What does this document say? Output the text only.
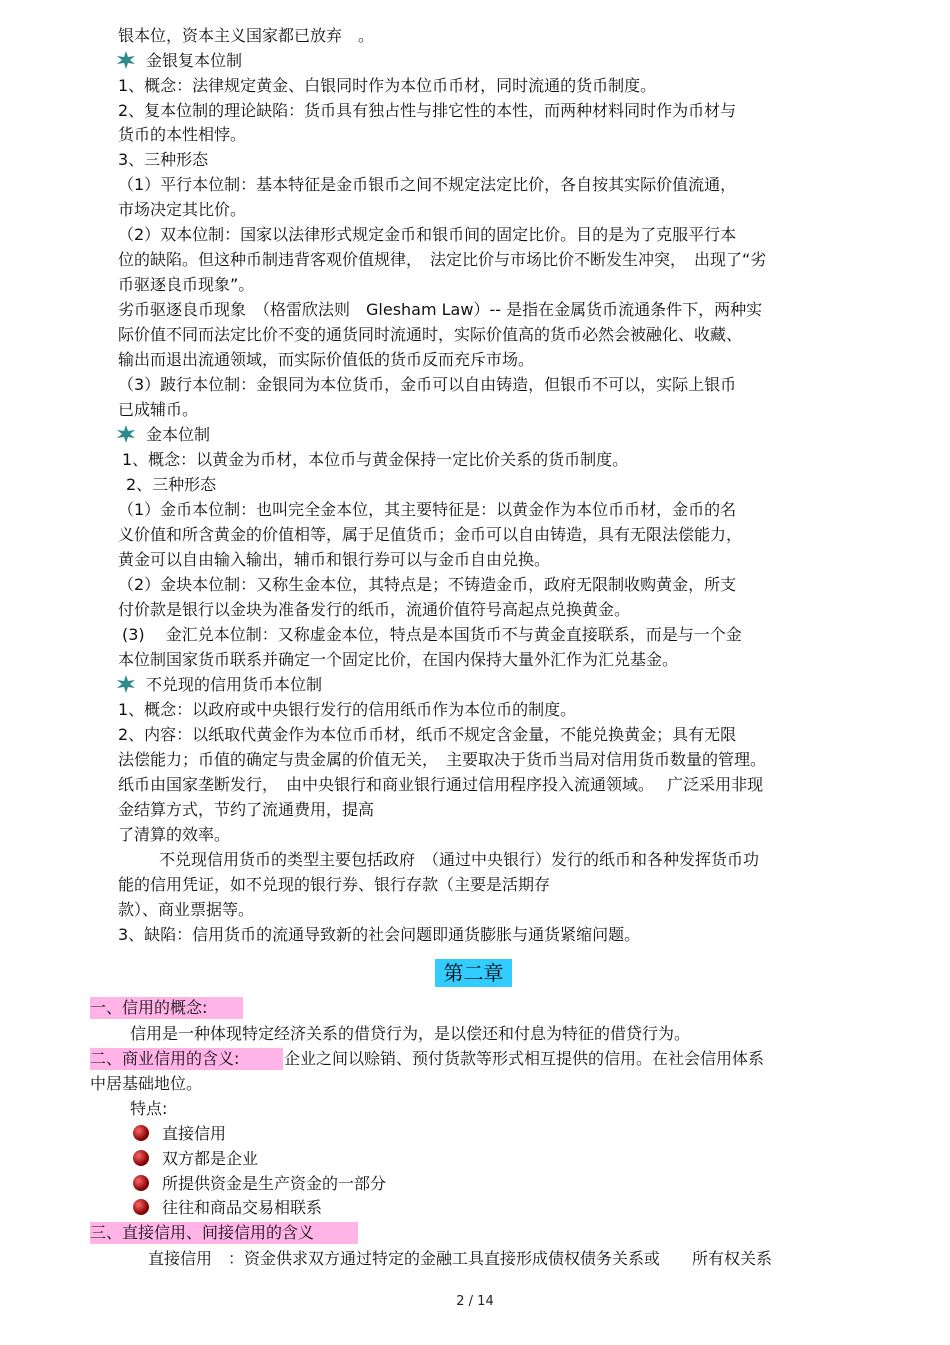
银本位，资本主义国家都已放弃　。
金银复本位制
1、概念：法律规定黄金、白银同时作为本位币币材，同时流通的货币制度。
2、复本位制的理论缺陷：货币具有独占性与排它性的本性，而两种材料同时作为币材与
货币的本性相悖。
3、三种形态
（1）平行本位制：基本特征是金币银币之间不规定法定比价，各自按其实际价值流通，
市场决定其比价。
（2）双本位制：国家以法律形式规定金币和银币间的固定比价。目的是为了克服平行本
位的缺陷。但这种币制违背客观价值规律，　法定比价与市场比价不断发生冲突，　出现了“劣
币驱逐良币现象”。
劣币驱逐良币现象　（格雷欣法则　Glesham Law）-- 是指在金属货币流通条件下，两种实
际价值不同而法定比价不变的通货同时流通时，实际价值高的货币必然会被融化、收藏、
输出而退出流通领域，而实际价值低的货币反而充斥市场。
（3）跛行本位制：金银同为本位货币，金币可以自由铸造，但银币不可以，实际上银币
已成辅币。
金本位制
1、概念：以黄金为币材，本位币与黄金保持一定比价关系的货币制度。
2、三种形态
（1）金币本位制：也叫完全金本位，其主要特征是：以黄金作为本位币币材，金币的名
义价值和所含黄金的价值相等，属于足值货币；金币可以自由铸造，具有无限法偿能力，
黄金可以自由输入输出，辅币和银行券可以与金币自由兑换。
（2）金块本位制：又称生金本位，其特点是；不铸造金币，政府无限制收购黄金，所支
付价款是银行以金块为准备发行的纸币，流通价值符号高起点兑换黄金。
(3)　 金汇兑本位制：又称虚金本位，特点是本国货币不与黄金直接联系，而是与一个金
本位制国家货币联系并确定一个固定比价，在国内保持大量外汇作为汇兑基金。
不兑现的信用货币本位制
1、概念：以政府或中央银行发行的信用纸币作为本位币的制度。
2、内容：以纸取代黄金作为本位币币材，纸币不规定含金量，不能兑换黄金；具有无限
法偿能力；币值的确定与贵金属的价值无关，　主要取决于货币当局对信用货币数量的管理。
纸币由国家垄断发行，　由中央银行和商业银行通过信用程序投入流通领域。　 广泛采用非现
金结算方式，节约了流通费用，提高
了清算的效率。
不兑现信用货币的类型主要包括政府　（通过中央银行）发行的纸币和各种发挥货币功
能的信用凭证，如不兑现的银行券、银行存款（主要是活期存
款）、商业票据等。
3、缺陷：信用货币的流通导致新的社会问题即通货膨胀与通货紧缩问题。
第二章
一、信用的概念:
信用是一种体现特定经济关系的借贷行为，是以偿还和付息为特征的借贷行为。
二、商业信用的含义:	企业之间以赊销、预付货款等形式相互提供的信用。在社会信用体系
中居基础地位。
特点:
直接信用
双方都是企业
所提供资金是生产资金的一部分
往往和商品交易相联系
三、直接信用、间接信用的含义
直接信用　：资金供求双方通过特定的金融工具直接形成债权债务关系或　　所有权关系
2 / 14
